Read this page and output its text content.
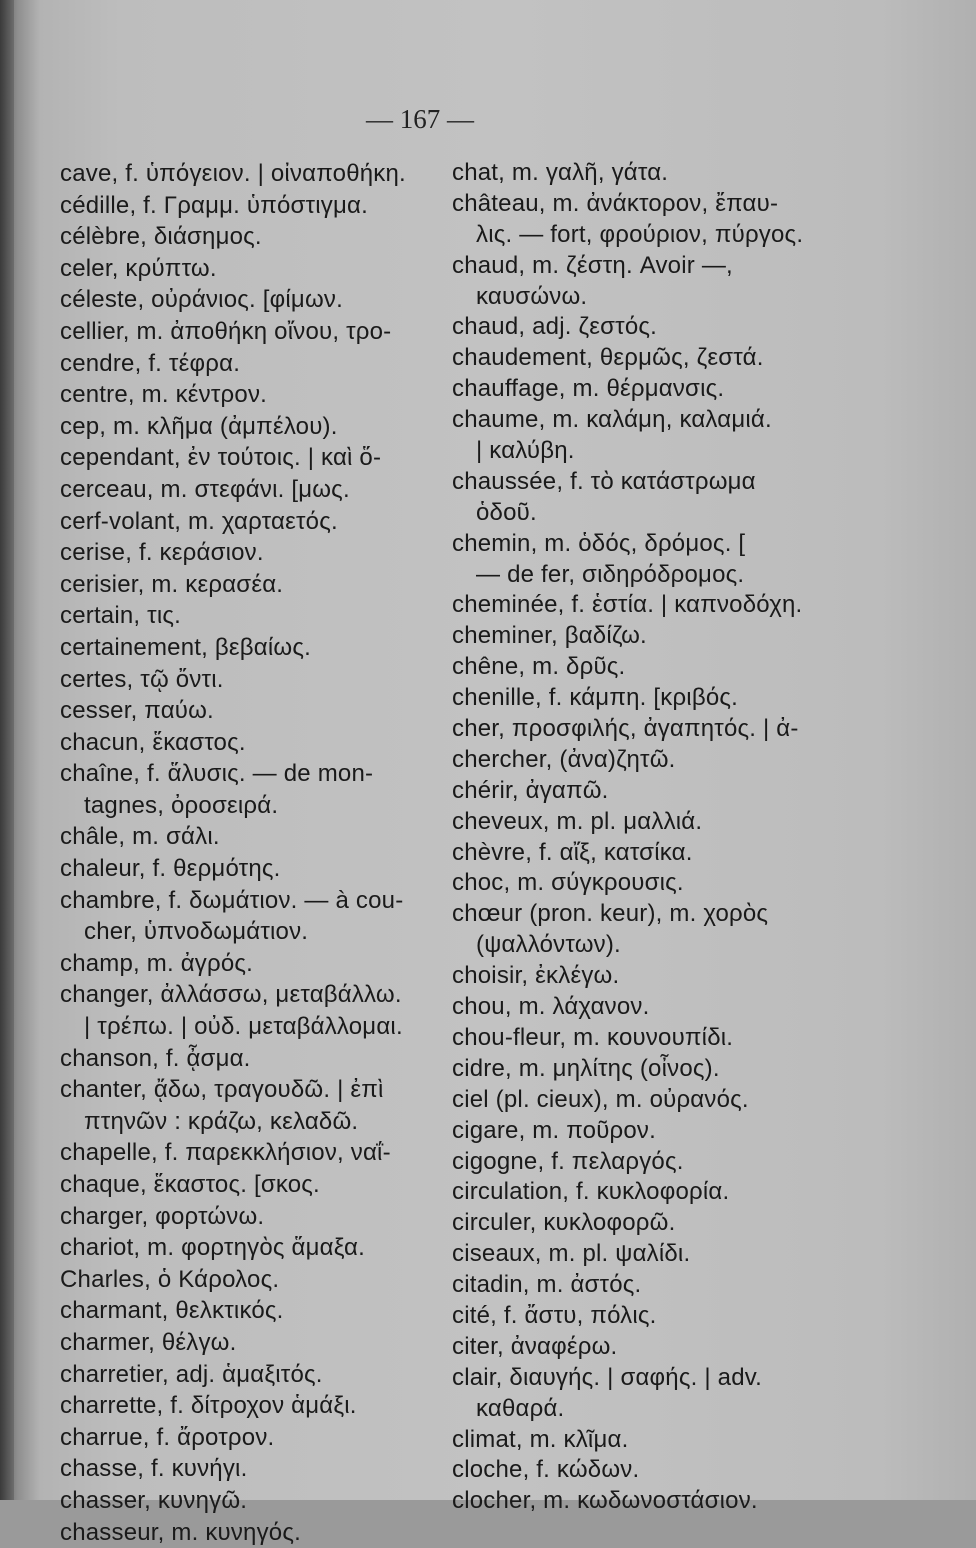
— 167 —
cave, f. ὑπόγειον. | οἰναποθήκη.
cédille, f. Γραμμ. ὑπόστιγμα.
célèbre, διάσημος.
celer, κρύπτω.
céleste, οὐράνιος. [φίμων.
cellier, m. ἀποθήκη οἴνου, τρο-
cendre, f. τέφρα.
centre, m. κέντρον.
cep, m. κλῆμα (ἀμπέλου).
cependant, ἐν τούτοις. | καὶ ὅ-
cerceau, m. στεφάνι. [μως.
cerf-volant, m. χαρταετός.
cerise, f. κεράσιον.
cerisier, m. κερασέα.
certain, τις.
certainement, βεβαίως.
certes, τῷ ὄντι.
cesser, παύω.
chacun, ἕκαστος.
chaîne, f. ἅλυσις. — de mon-
tagnes, ὀροσειρά.
châle, m. σάλι.
chaleur, f. θερμότης.
chambre, f. δωμάτιον. — à cou-
cher, ὑπνοδωμάτιον.
champ, m. ἀγρός.
changer, ἀλλάσσω, μεταβάλλω.
| τρέπω. | οὐδ. μεταβάλλομαι.
chanson, f. ᾆσμα.
chanter, ᾄδω, τραγουδῶ. | ἐπὶ
πτηνῶν : κράζω, κελαδῶ.
chapelle, f. παρεκκλήσιον, ναΐ-
chaque, ἕκαστος. [σκος.
charger, φορτώνω.
chariot, m. φορτηγὸς ἅμαξα.
Charles, ὁ Κάρολος.
charmant, θελκτικός.
charmer, θέλγω.
charretier, adj. ἁμαξιτός.
charrette, f. δίτροχον ἁμάξι.
charrue, f. ἄροτρον.
chasse, f. κυνήγι.
chasser, κυνηγῶ.
chasseur, m. κυνηγός.
chat, m. γαλῆ, γάτα.
château, m. ἀνάκτορον, ἔπαυ-
λις. — fort, φρούριον, πύργος.
chaud, m. ζέστη. Avoir —,
καυσώνω.
chaud, adj. ζεστός.
chaudement, θερμῶς, ζεστά.
chauffage, m. θέρμανσις.
chaume, m. καλάμη, καλαμιά.
| καλύβη.
chaussée, f. τὸ κατάστρωμα
ὁδοῦ.
chemin, m. ὁδός, δρόμος. [
— de fer, σιδηρόδρομος.
cheminée, f. ἑστία. | καπνοδόχη.
cheminer, βαδίζω.
chêne, m. δρῦς.
chenille, f. κάμπη. [κριβός.
cher, προσφιλής, ἀγαπητός. | ἀ-
chercher, (ἀνα)ζητῶ.
chérir, ἀγαπῶ.
cheveux, m. pl. μαλλιά.
chèvre, f. αἴξ, κατσίκα.
choc, m. σύγκρουσις.
chœur (pron. keur), m. χορὸς
(ψαλλόντων).
choisir, ἐκλέγω.
chou, m. λάχανον.
chou-fleur, m. κουνουπίδι.
cidre, m. μηλίτης (οἶνος).
ciel (pl. cieux), m. οὐρανός.
cigare, m. ποῦρον.
cigogne, f. πελαργός.
circulation, f. κυκλοφορία.
circuler, κυκλοφορῶ.
ciseaux, m. pl. ψαλίδι.
citadin, m. ἀστός.
cité, f. ἄστυ, πόλις.
citer, ἀναφέρω.
clair, διαυγής. | σαφής. | adv.
καθαρά.
climat, m. κλῖμα.
cloche, f. κώδων.
clocher, m. κωδωνοστάσιον.
